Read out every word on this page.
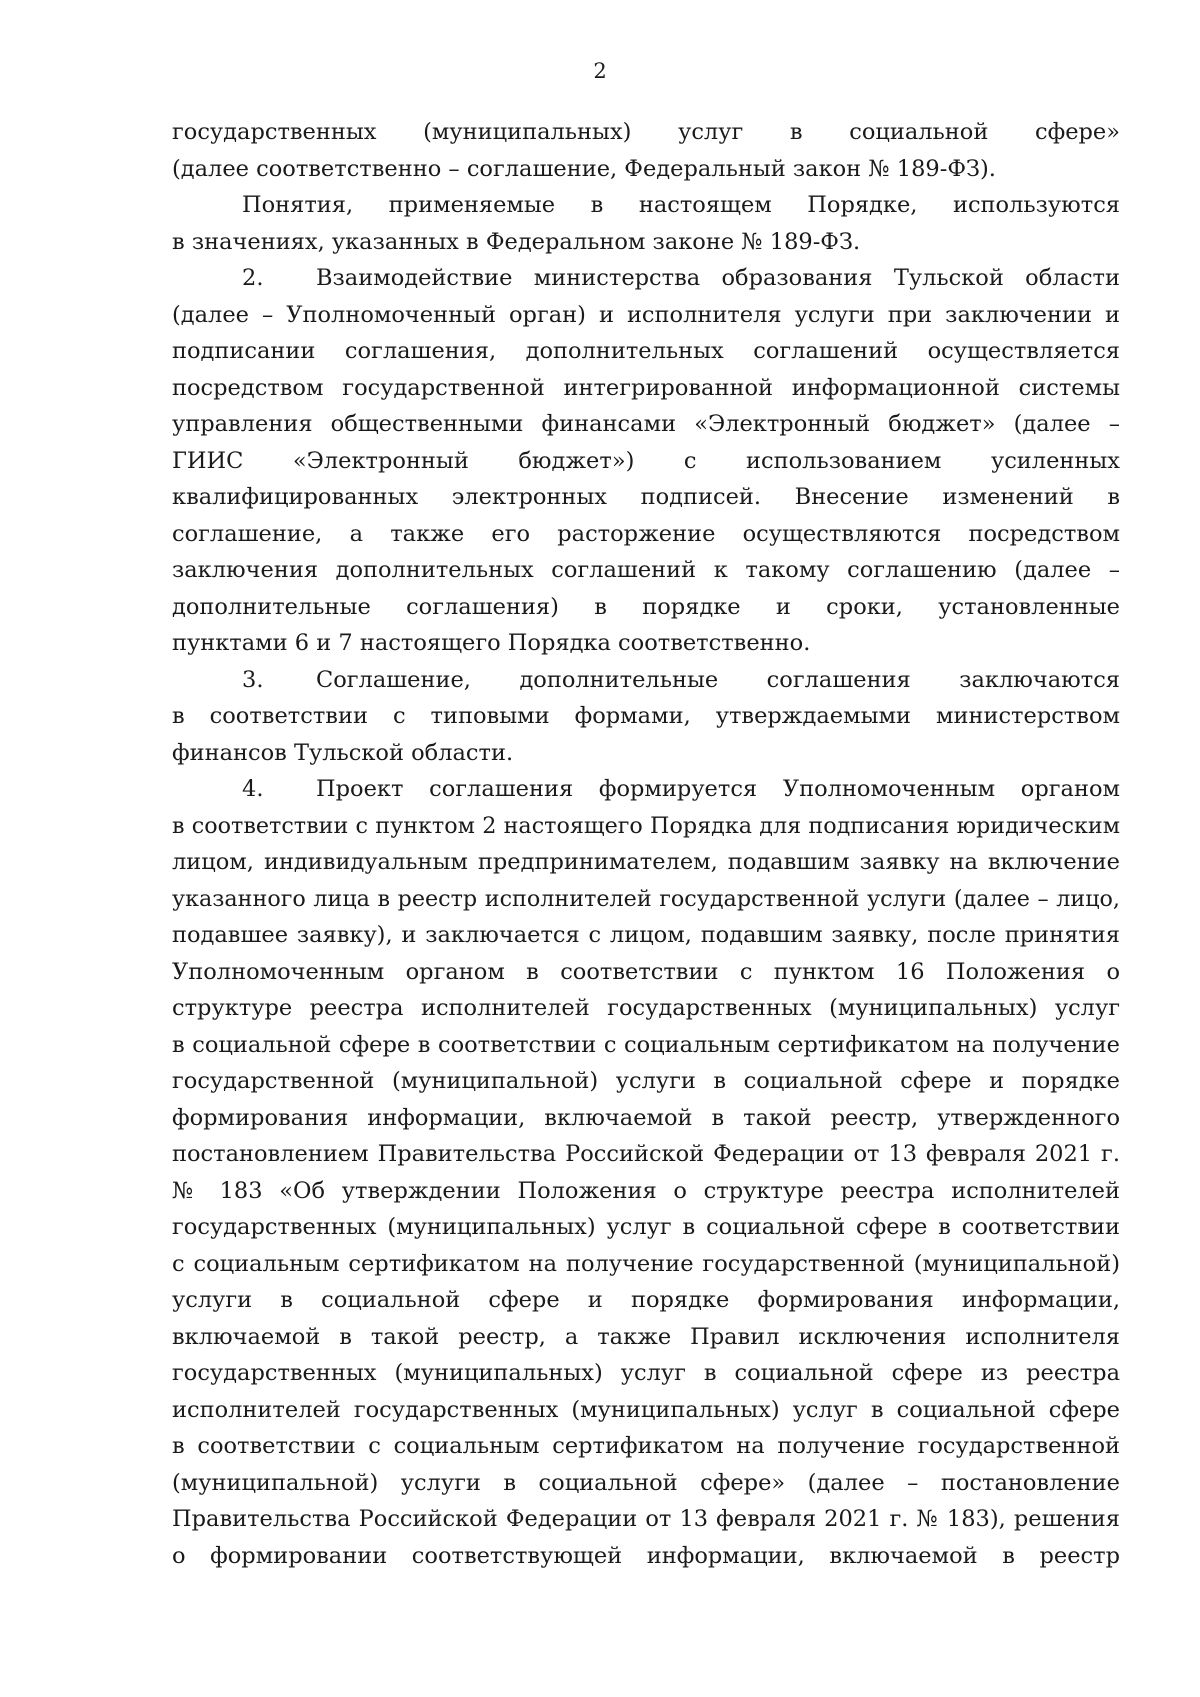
2
государственных (муниципальных) услуг в социальной сфере»
(далее соответственно – соглашение, Федеральный закон № 189-ФЗ).
Понятия, применяемые в настоящем Порядке, используются
в значениях, указанных в Федеральном законе № 189-ФЗ.
2. Взаимодействие министерства образования Тульской области
(далее – Уполномоченный орган) и исполнителя услуги при заключении и
подписании соглашения, дополнительных соглашений осуществляется
посредством государственной интегрированной информационной системы
управления общественными финансами «Электронный бюджет» (далее –
ГИИС «Электронный бюджет») с использованием усиленных
квалифицированных электронных подписей. Внесение изменений в
соглашение, а также его расторжение осуществляются посредством
заключения дополнительных соглашений к такому соглашению (далее –
дополнительные соглашения) в порядке и сроки, установленные
пунктами 6 и 7 настоящего Порядка соответственно.
3. Соглашение, дополнительные соглашения заключаются
в соответствии с типовыми формами, утверждаемыми министерством
финансов Тульской области.
4. Проект соглашения формируется Уполномоченным органом
в соответствии с пунктом 2 настоящего Порядка для подписания юридическим
лицом, индивидуальным предпринимателем, подавшим заявку на включение
указанного лица в реестр исполнителей государственной услуги (далее – лицо,
подавшее заявку), и заключается с лицом, подавшим заявку, после принятия
Уполномоченным органом в соответствии с пунктом 16 Положения о
структуре реестра исполнителей государственных (муниципальных) услуг
в социальной сфере в соответствии с социальным сертификатом на получение
государственной (муниципальной) услуги в социальной сфере и порядке
формирования информации, включаемой в такой реестр, утвержденного
постановлением Правительства Российской Федерации от 13 февраля 2021 г.
№ 183 «Об утверждении Положения о структуре реестра исполнителей
государственных (муниципальных) услуг в социальной сфере в соответствии
с социальным сертификатом на получение государственной (муниципальной)
услуги в социальной сфере и порядке формирования информации,
включаемой в такой реестр, а также Правил исключения исполнителя
государственных (муниципальных) услуг в социальной сфере из реестра
исполнителей государственных (муниципальных) услуг в социальной сфере
в соответствии с социальным сертификатом на получение государственной
(муниципальной) услуги в социальной сфере» (далее – постановление
Правительства Российской Федерации от 13 февраля 2021 г. № 183), решения
о формировании соответствующей информации, включаемой в реестр
